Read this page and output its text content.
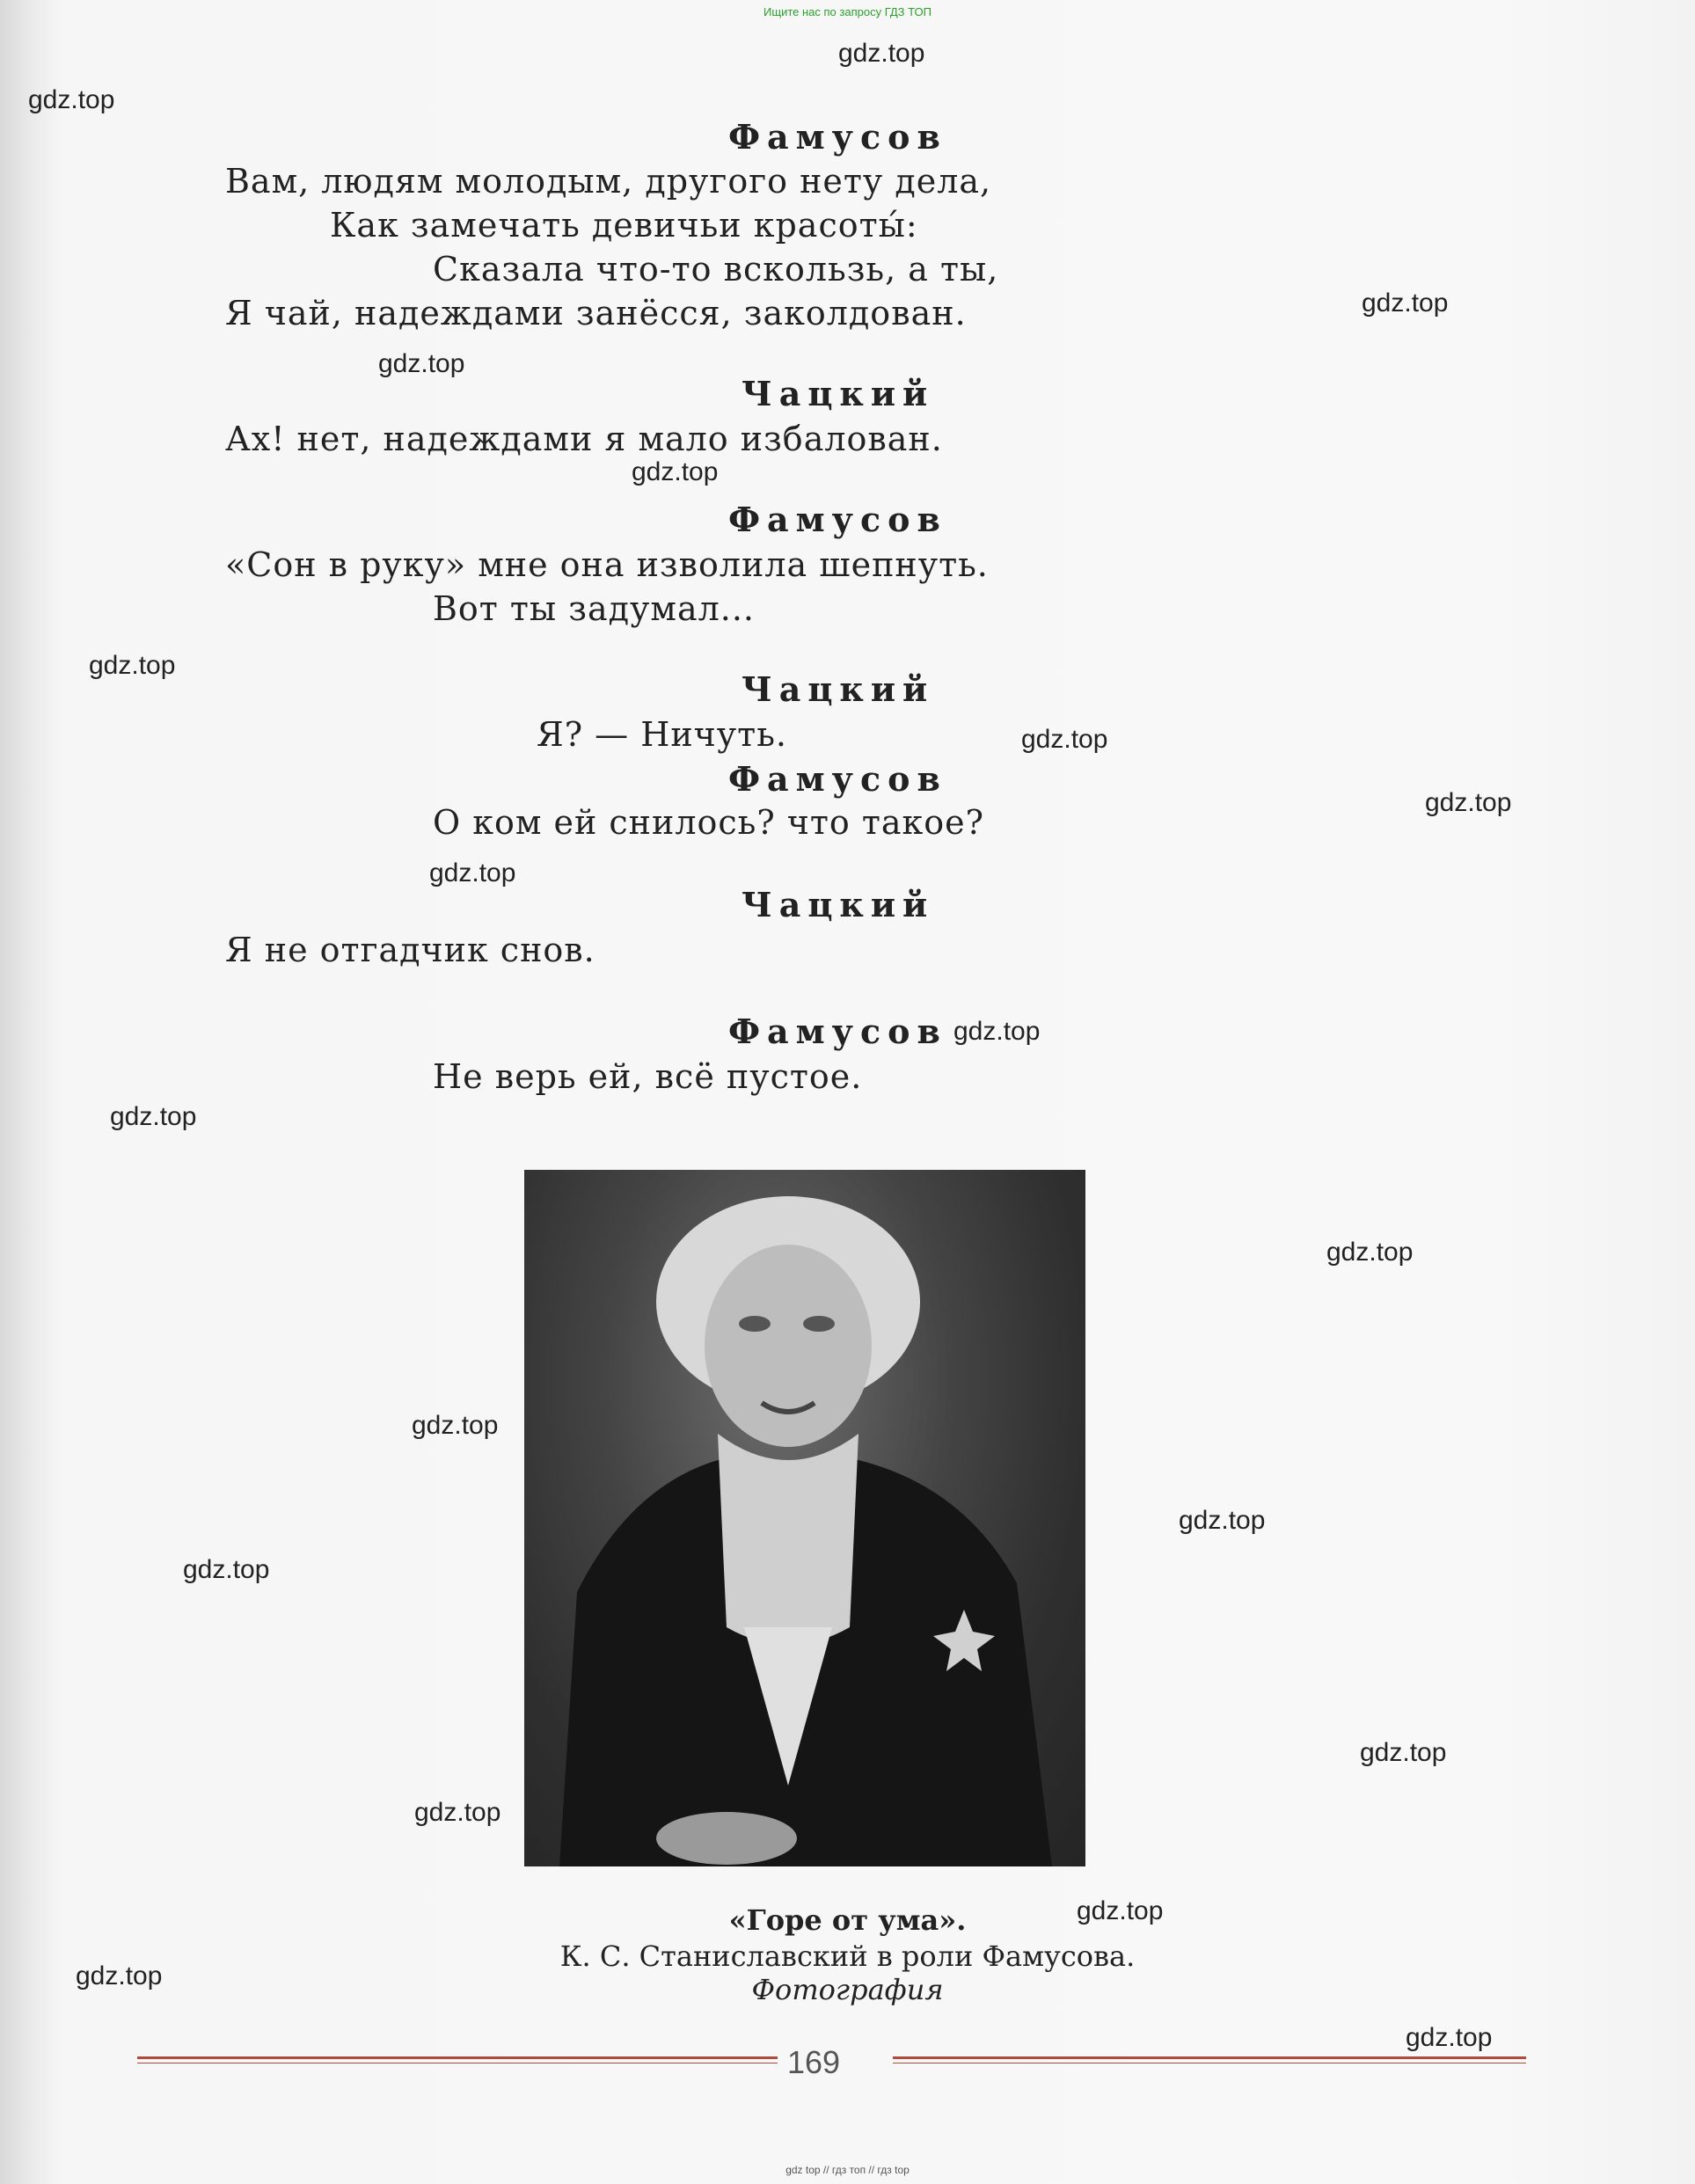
Ищите нас по запросу ГДЗ ТОП
gdz.top
gdz.top
gdz.top
gdz.top
gdz.top
gdz.top
gdz.top
gdz.top
gdz.top
gdz.top
gdz.top
gdz.top
gdz.top
gdz.top
gdz.top
gdz.top
gdz.top
gdz.top
gdz.top
gdz.top
Фамусов
Вам, людям молодым, другого нету дела,
Как замечать девичьи красоты́:
Сказала что-то вскользь, а ты,
Я чай, надеждами занёсся, заколдован.
Чацкий
Ах! нет, надеждами я мало избалован.
Фамусов
«Сон в руку» мне она изволила шепнуть.
Вот ты задумал...
Чацкий
Я? — Ничуть.
Фамусов
О ком ей снилось? что такое?
Чацкий
Я не отгадчик снов.
Фамусов
Не верь ей, всё пустое.
«Горе от ума».
К. С. Станиславский в роли Фамусова.
Фотография
169
gdz top // гдз топ // гдз top
